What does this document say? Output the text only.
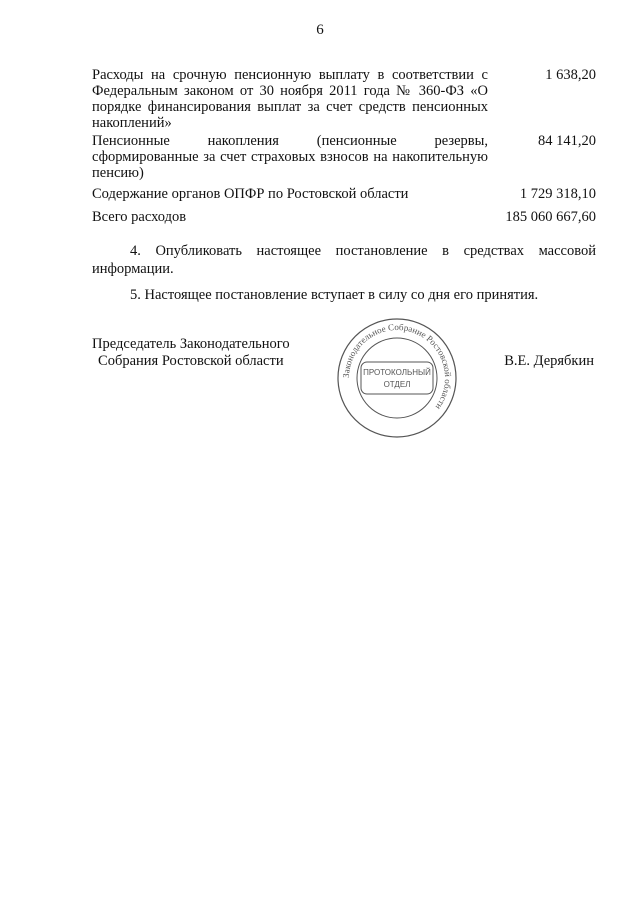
6
Расходы на срочную пенсионную выплату в соответствии с Федеральным законом от 30 ноября 2011 года № 360-ФЗ «О порядке финансирования выплат за счет средств пенсионных накоплений»
1 638,20
Пенсионные накопления (пенсионные резервы, сформированные за счет страховых взносов на накопительную пенсию)
84 141,20
Содержание органов ОПФР по Ростовской области	1 729 318,10
Всего расходов	185 060 667,60
4. Опубликовать настоящее постановление в средствах массовой информации.
5. Настоящее постановление вступает в силу со дня его принятия.
Председатель Законодательного
Собрания Ростовской области
Законодательное Собрание Ростовской области
ПРОТОКОЛЬНЫЙ
ОТДЕЛ
В.Е. Дерябкин
